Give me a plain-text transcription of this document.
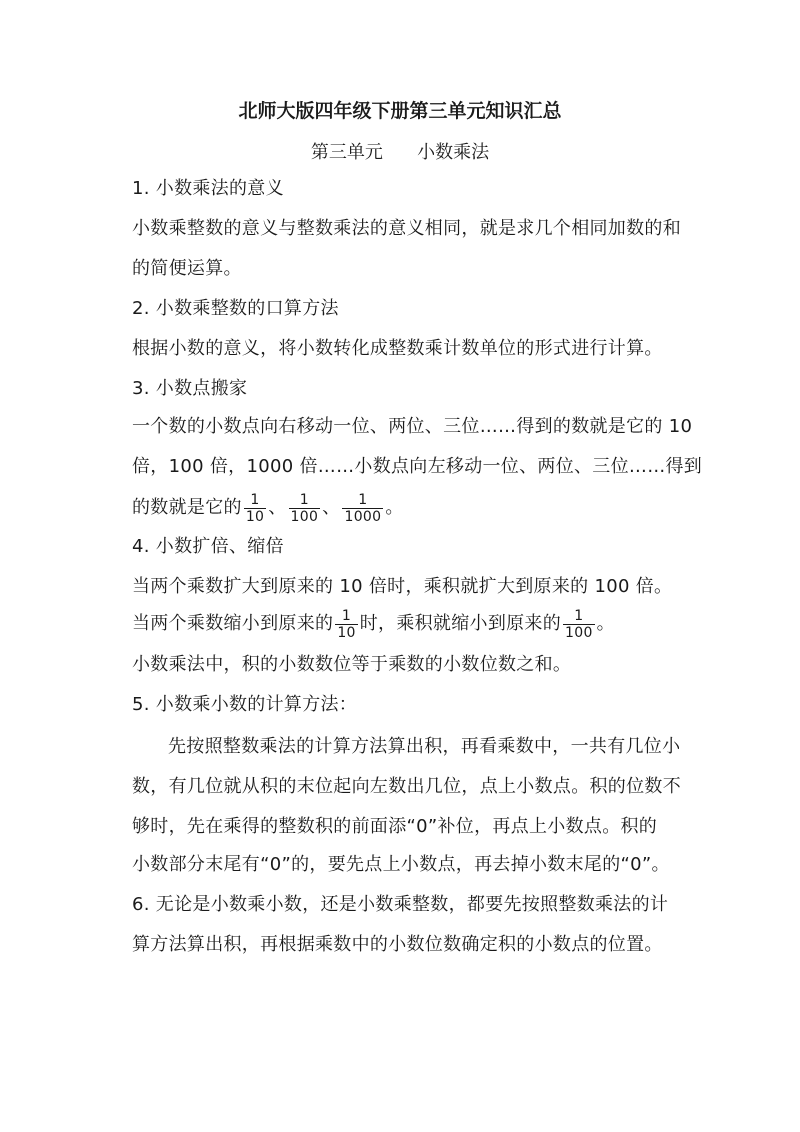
北师大版四年级下册第三单元知识汇总
第三单元      小数乘法
1. 小数乘法的意义
小数乘整数的意义与整数乘法的意义相同，就是求几个相同加数的和
的简便运算。
2. 小数乘整数的口算方法
根据小数的意义，将小数转化成整数乘计数单位的形式进行计算。
3. 小数点搬家
一个数的小数点向右移动一位、两位、三位……得到的数就是它的 10
倍，100 倍，1000 倍……小数点向左移动一位、两位、三位……得到
的数就是它的 $\frac{1}{10}$ 、 $\frac{1}{100}$ 、 $\frac{1}{1000}$ 。
4. 小数扩倍、缩倍
当两个乘数扩大到原来的 10 倍时，乘积就扩大到原来的 100 倍。
当两个乘数缩小到原来的 $\frac{1}{10}$ 时，乘积就缩小到原来的 $\frac{1}{100}$ 。
小数乘法中，积的小数数位等于乘数的小数位数之和。
5. 小数乘小数的计算方法：
先按照整数乘法的计算方法算出积，再看乘数中，一共有几位小
数，有几位就从积的末位起向左数出几位，点上小数点。积的位数不
够时，先在乘得的整数积的前面添“0”补位，再点上小数点。积的
小数部分末尾有“0”的，要先点上小数点，再去掉小数末尾的“0”。
6. 无论是小数乘小数，还是小数乘整数，都要先按照整数乘法的计
算方法算出积，再根据乘数中的小数位数确定积的小数点的位置。
